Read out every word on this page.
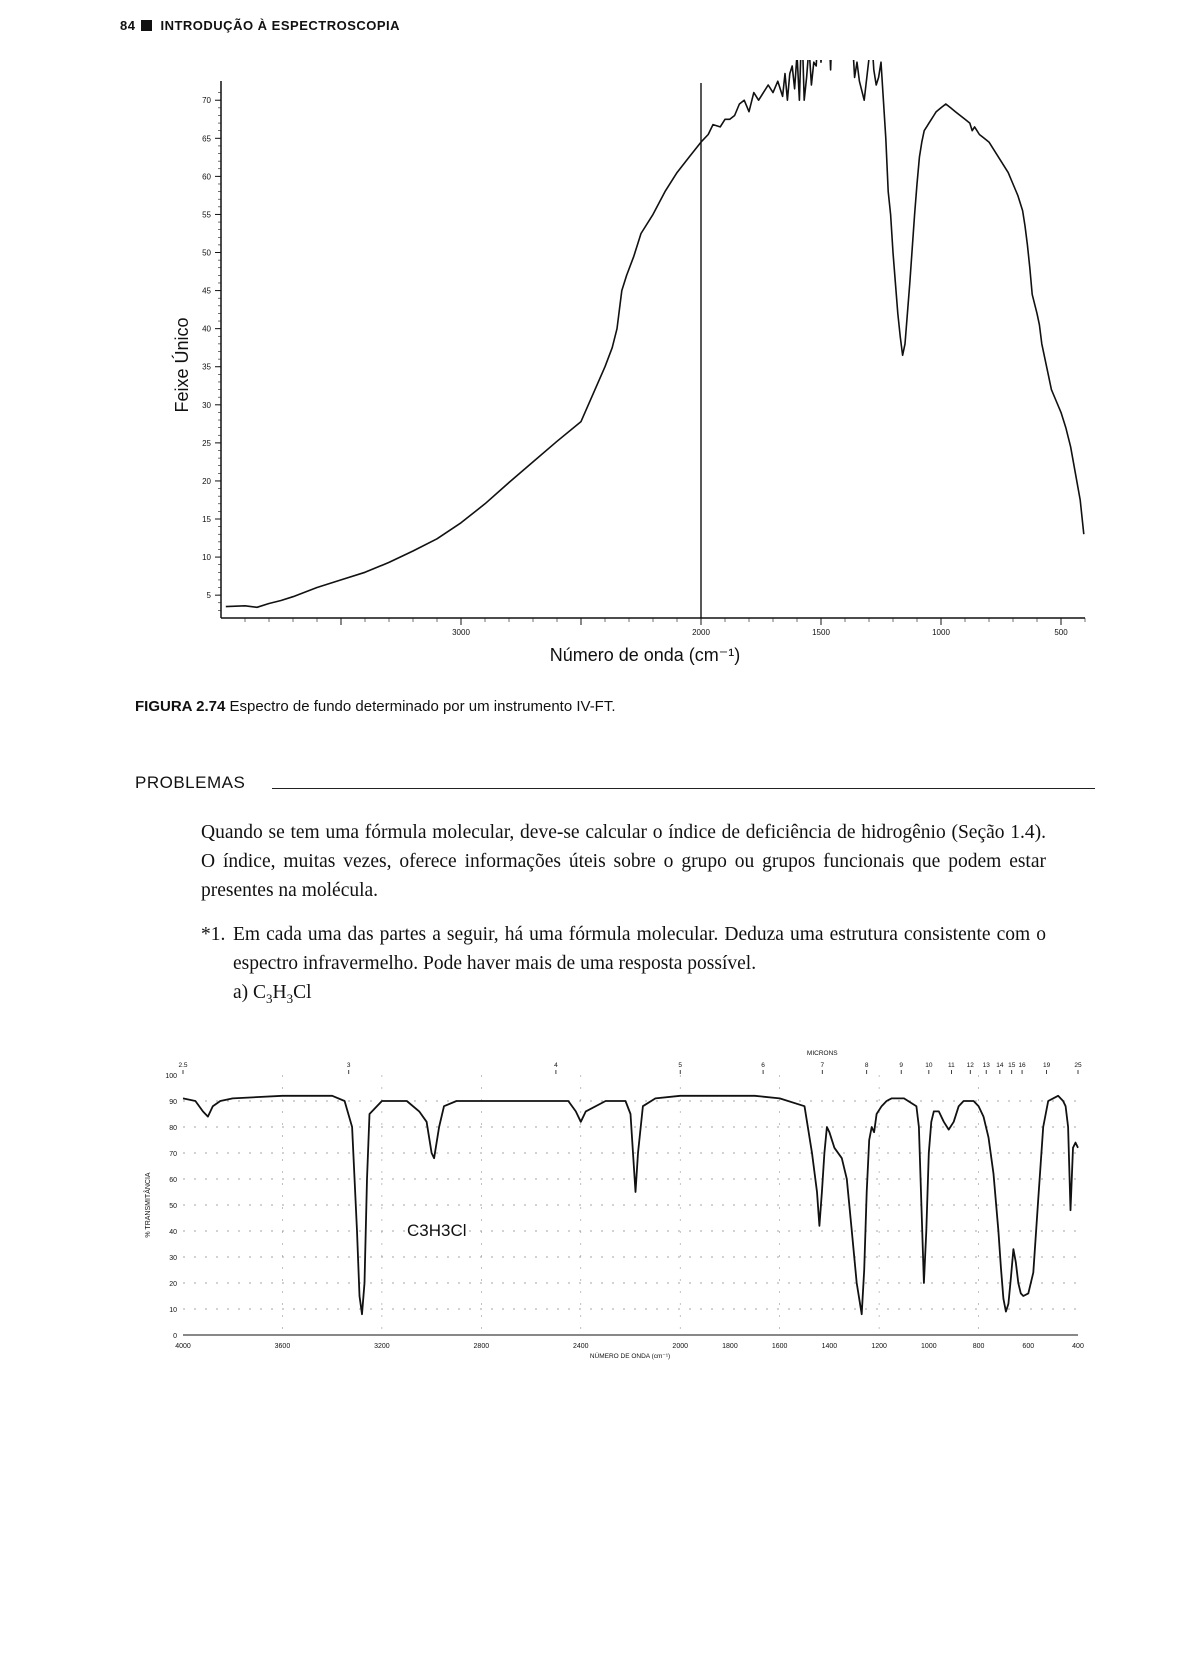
84 INTRODUÇÃO À ESPECTROSCOPIA
5
10
15
20
25
30
35
40
45
50
55
60
65
70
3000	2000	1500	1000	500
Número de onda (cm⁻¹)
Feixe Único
FIGURA 2.74 Espectro de fundo determinado por um instrumento IV-FT.
PROBLEMAS
Quando se tem uma fórmula molecular, deve-se calcular o índice de deficiência de hidrogênio (Seção 1.4). O índice, muitas vezes, oferece informações úteis sobre o grupo ou grupos funcionais que podem estar presentes na molécula.
*1. Em cada uma das partes a seguir, há uma fórmula molecular. Deduza uma estrutura consistente com o espectro infravermelho. Pode haver mais de uma resposta possível.
a) $C_3H_3Cl$
0
10
20
30
40
50
60
70
80
90
100
4000	3600	3200	2800	2400	2000	1800	1600	1400	1200	1000	800	600	400
2.5	3	4	5	6	7	8	9	10 11 12 13 14 15 16	19	25
MICRONS
C3H3Cl
NÚMERO DE ONDA (cm⁻¹)
% TRANSMITÂNCIA
